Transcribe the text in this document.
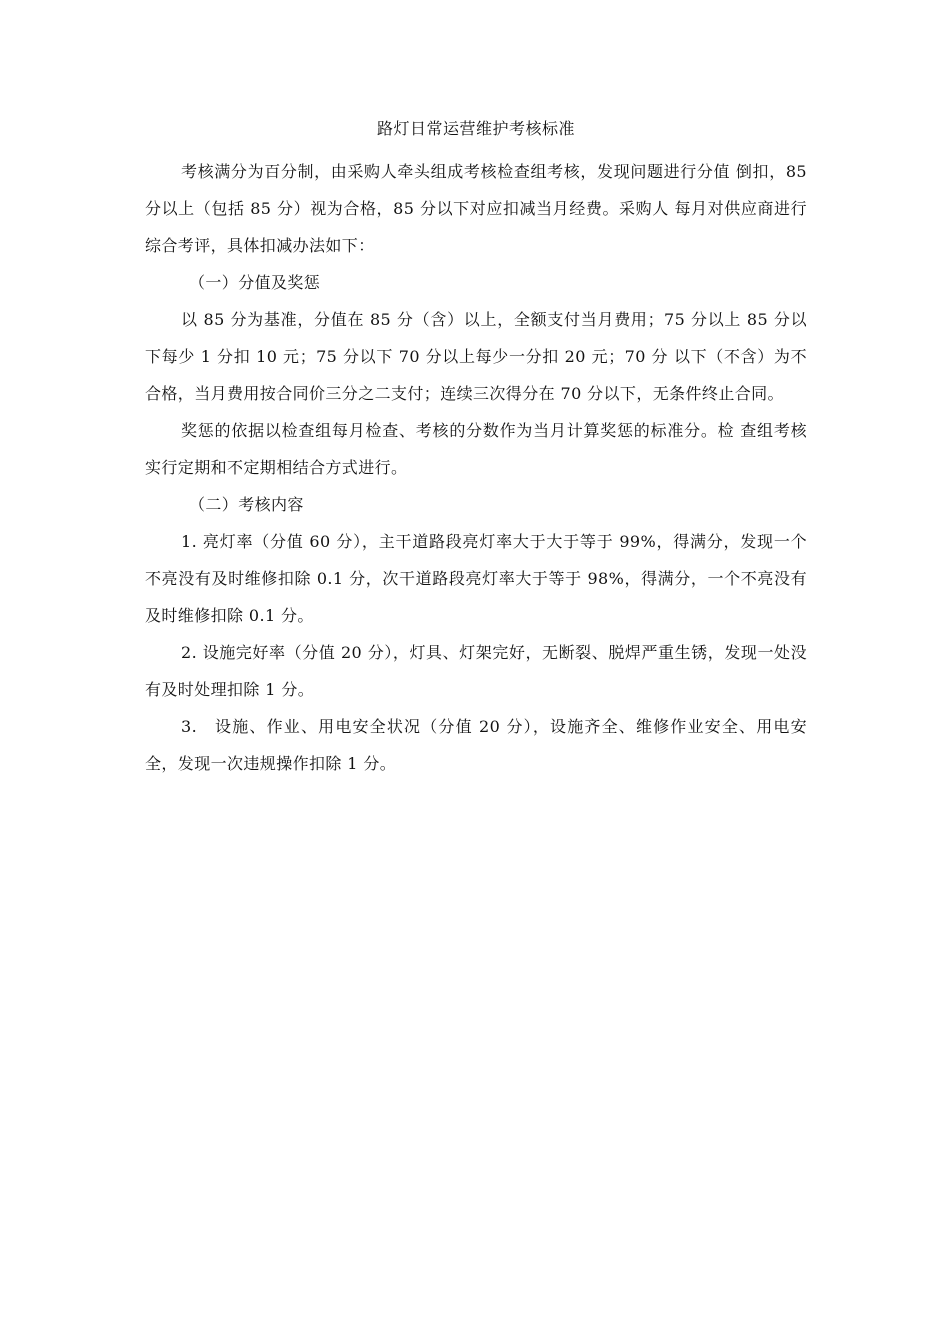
路灯日常运营维护考核标准

考核满分为百分制，由采购人牵头组成考核检查组考核，发现问题进行分值 倒扣，85 分以上（包括 85 分）视为合格，85 分以下对应扣减当月经费。采购人 每月对供应商进行综合考评，具体扣减办法如下：

（一）分值及奖惩

以 85 分为基准，分值在 85 分（含）以上，全额支付当月费用；75 分以上 85 分以下每少 1 分扣 10 元；75 分以下 70 分以上每少一分扣 20 元；70 分 以下（不含）为不合格，当月费用按合同价三分之二支付；连续三次得分在 70 分以下，无条件终止合同。

奖惩的依据以检查组每月检查、考核的分数作为当月计算奖惩的标准分。检 查组考核实行定期和不定期相结合方式进行。

（二）考核内容

1. 亮灯率（分值 60 分），主干道路段亮灯率大于大于等于 99%，得满分，发现一个不亮没有及时维修扣除 0.1 分，次干道路段亮灯率大于等于 98%，得满分，一个不亮没有及时维修扣除 0.1 分。

2. 设施完好率（分值 20 分），灯具、灯架完好，无断裂、脱焊严重生锈，发现一处没有及时处理扣除 1 分。

3.　设施、作业、用电安全状况（分值 20 分），设施齐全、维修作业安全、用电安全，发现一次违规操作扣除 1 分。
